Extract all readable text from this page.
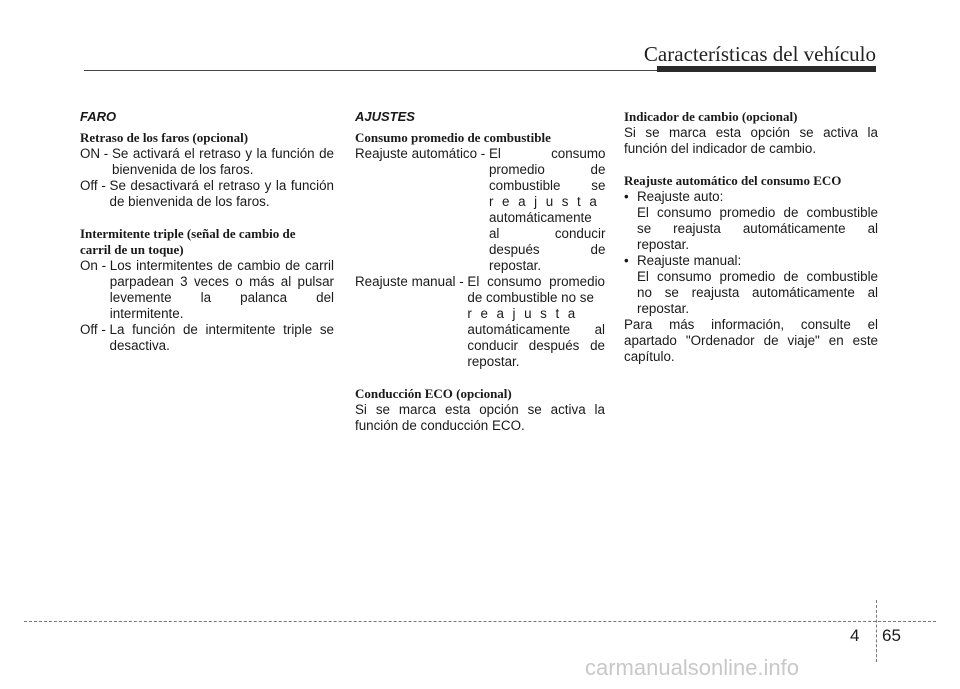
Características del vehículo
FARO
Retraso de los faros (opcional)
ON - Se activará el retraso y la función de bienvenida de los faros.
Off - Se desactivará el retraso y la función de bienvenida de los faros.
Intermitente triple (señal de cambio de
carril de un toque)
On - Los intermitentes de cambio de carril parpadean 3 veces o más al pulsar levemente la palanca del intermitente.
Off - La función de intermitente triple se desactiva.
AJUSTES
Consumo promedio de combustible
Reajuste automático - El consumo promedio de combustible se
reajusta
automáticamente al conducir después de repostar.
Reajuste manual - El consumo promedio de combustible no se
reajusta
automáticamente al conducir después de repostar.
Conducción ECO (opcional)
Si se marca esta opción se activa la función de conducción ECO.
Indicador de cambio (opcional)
Si se marca esta opción se activa la función del indicador de cambio.
Reajuste automático del consumo ECO
• Reajuste auto:
El consumo promedio de combustible se reajusta automáticamente al repostar.
• Reajuste manual:
El consumo promedio de combustible no se reajusta automáticamente al repostar.
Para más información, consulte el apartado "Ordenador de viaje" en este capítulo.
4 65
carmanualsonline.info
